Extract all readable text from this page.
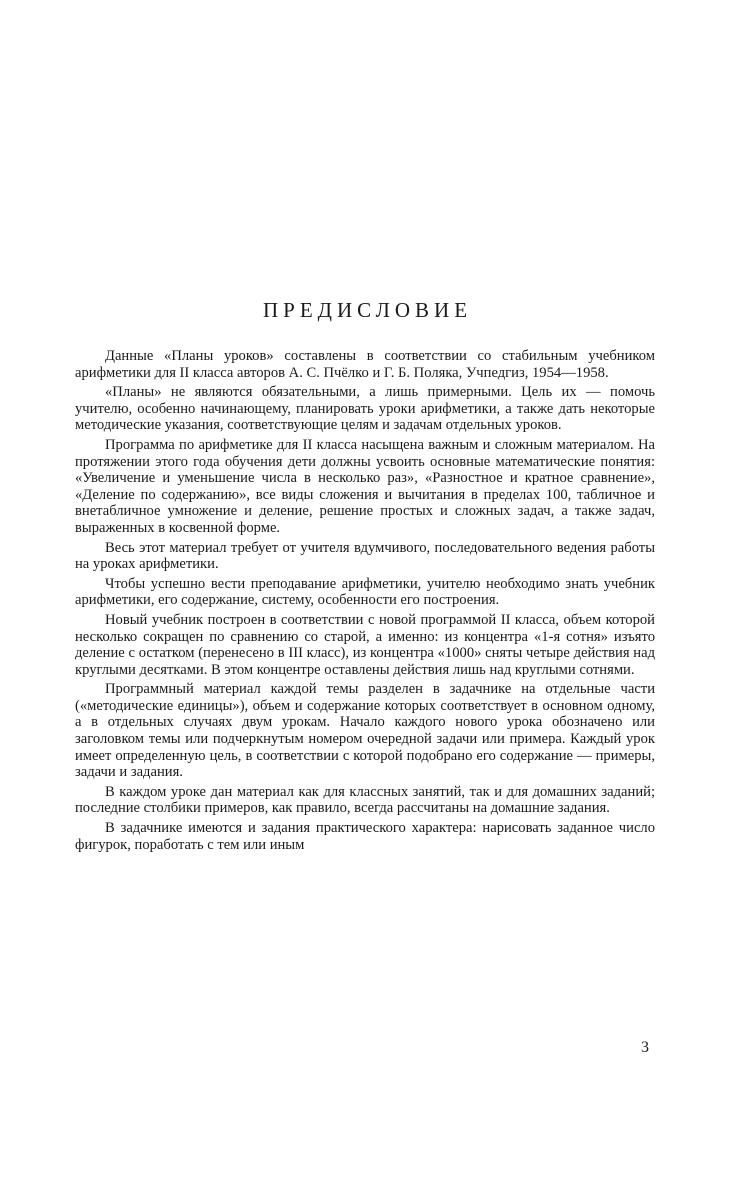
ПРЕДИСЛОВИЕ

Данные «Планы уроков» составлены в соответствии со стабильным учебником арифметики для II класса авторов А. С. Пчёлко и Г. Б. Поляка, Учпедгиз, 1954—1958.

«Планы» не являются обязательными, а лишь примерными. Цель их — помочь учителю, особенно начинающему, планировать уроки арифметики, а также дать некоторые методические указания, соответствующие целям и задачам отдельных уроков.

Программа по арифметике для II класса насыщена важным и сложным материалом. На протяжении этого года обучения дети должны усвоить основные математические понятия: «Увеличение и уменьшение числа в несколько раз», «Разностное и кратное сравнение», «Деление по содержанию», все виды сложения и вычитания в пределах 100, табличное и внетабличное умножение и деление, решение простых и сложных задач, а также задач, выраженных в косвенной форме.

Весь этот материал требует от учителя вдумчивого, последовательного ведения работы на уроках арифметики.

Чтобы успешно вести преподавание арифметики, учителю необходимо знать учебник арифметики, его содержание, систему, особенности его построения.

Новый учебник построен в соответствии с новой программой II класса, объем которой несколько сокращен по сравнению со старой, а именно: из концентра «1-я сотня» изъято деление с остатком (перенесено в III класс), из концентра «1000» сняты четыре действия над круглыми десятками. В этом концентре оставлены действия лишь над круглыми сотнями.

Программный материал каждой темы разделен в задачнике на отдельные части («методические единицы»), объем и содержание которых соответствует в основном одному, а в отдельных случаях двум урокам. Начало каждого нового урока обозначено или заголовком темы или подчеркнутым номером очередной задачи или примера. Каждый урок имеет определенную цель, в соответствии с которой подобрано его содержание — примеры, задачи и задания.

В каждом уроке дан материал как для классных занятий, так и для домашних заданий; последние столбики примеров, как правило, всегда рассчитаны на домашние задания.

В задачнике имеются и задания практического характера: нарисовать заданное число фигурок, поработать с тем или иным

3
